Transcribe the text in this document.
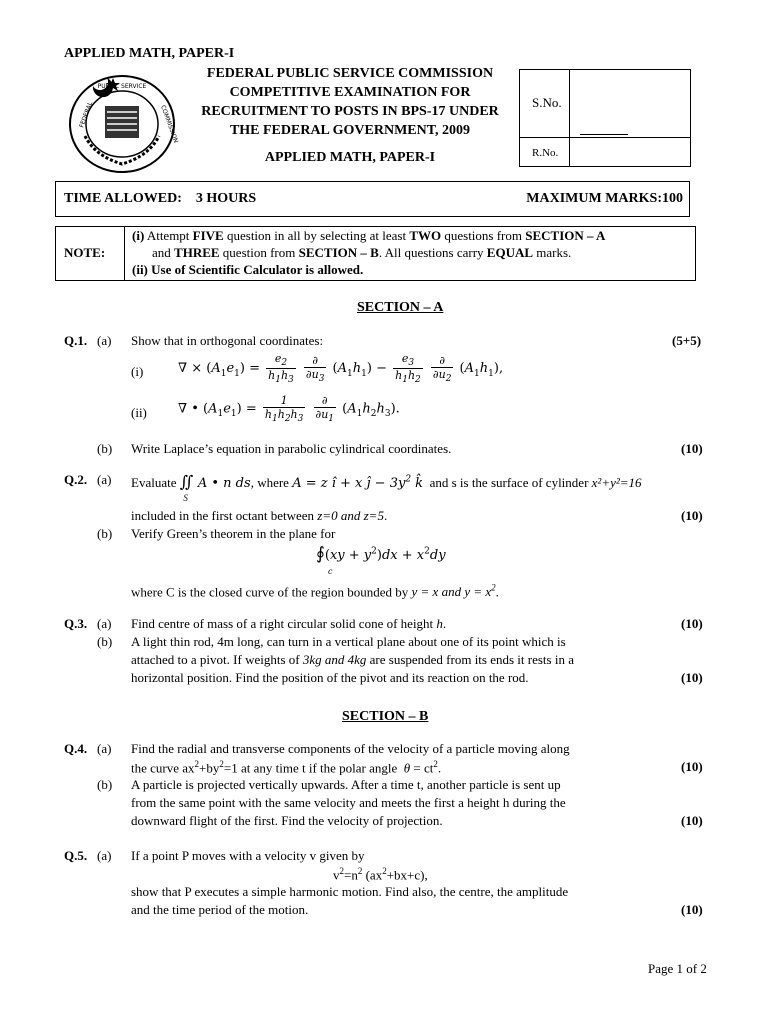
APPLIED MATH, PAPER-I
PUBLIC SERVICE
FEDERAL	COMMISSION
FEDERAL PUBLIC SERVICE COMMISSION
COMPETITIVE EXAMINATION FOR
RECRUITMENT TO POSTS IN BPS-17 UNDER
THE FEDERAL GOVERNMENT, 2009
APPLIED MATH, PAPER-I
S.No.
R.No.
TIME ALLOWED:    3 HOURS	MAXIMUM MARKS:100
NOTE:
(i) Attempt FIVE question in all by selecting at least TWO questions from SECTION – A
and THREE question from SECTION – B. All questions carry EQUAL marks.
(ii) Use of Scientific Calculator is allowed.
SECTION – A
Q.1. (a) Show that in orthogonal coordinates:	(5+5)
(i)	∇ × $(A_1e_1) = \frac{e_2}{h_1h_3}$
$\frac{\partial}{\partial u_3} (A_1h_1) - \frac{e_3}{h_1h_2}$
$\frac{\partial}{\partial u_2} (A_1h_1)$,
(ii) ∇ • $(A_1e_1) = \frac{1}{h_1h_2h_3}$
$\frac{\partial}{\partial u_1} (A_1h_2h_3)$.
(b) Write Laplace’s equation in parabolic cylindrical coordinates.	(10)
Q.2. (a) Evaluate $∬_SA$ • n ds, where A = z î + x ĵ − $3y^2$ k̂ and s is the surface of cylinder x²+y²=16
included in the first octant between z=0 and z=5.	(10)
(b) Verify Green’s theorem in the plane for
∮(xy + $y^2)dx + x^2dy$
c
where C is the closed curve of the region bounded by y = x and $y = x^2$.
Q.3. (a) Find centre of mass of a right circular solid cone of height h.	(10)
(b) A light thin rod, 4m long, can turn in a vertical plane about one of its point which is
attached to a pivot. If weights of 3kg and 4kg are suspended from its ends it rests in a
horizontal position. Find the position of the pivot and its reaction on the rod.	(10)
SECTION – B
Q.4. (a) Find the radial and transverse components of the velocity of a particle moving along
the curve $ax^2+by^2=1$ at any time t if the polar angle  $\theta = ct^2$.	(10)
(b) A particle is projected vertically upwards. After a time t, another particle is sent up
from the same point with the same velocity and meets the first a height h during the
downward flight of the first. Find the velocity of projection.	(10)
Q.5. (a) If a point P moves with a velocity v given by
$v^2=n^2$ $(ax^2+bx+c)$,
show that P executes a simple harmonic motion. Find also, the centre, the amplitude
and the time period of the motion.	(10)
Page 1 of 2
